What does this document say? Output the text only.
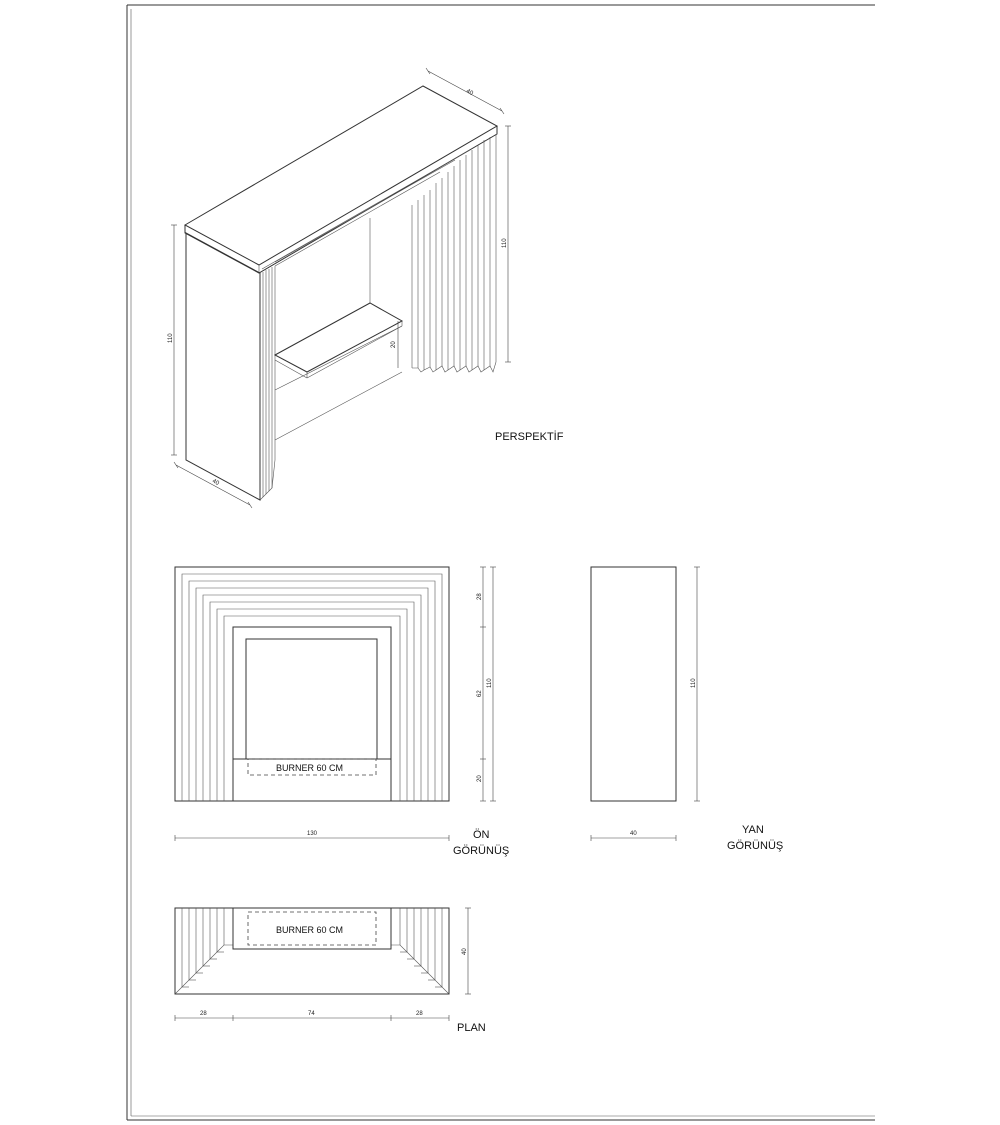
40
110
110
20
40
PERSPEKTİF
BURNER 60 CM
28
62
20
110
130	ÖN
GÖRÜNÜŞ
110
40	YAN
GÖRÜNÜŞ
BURNER 60 CM
40
28	74	28
PLAN
